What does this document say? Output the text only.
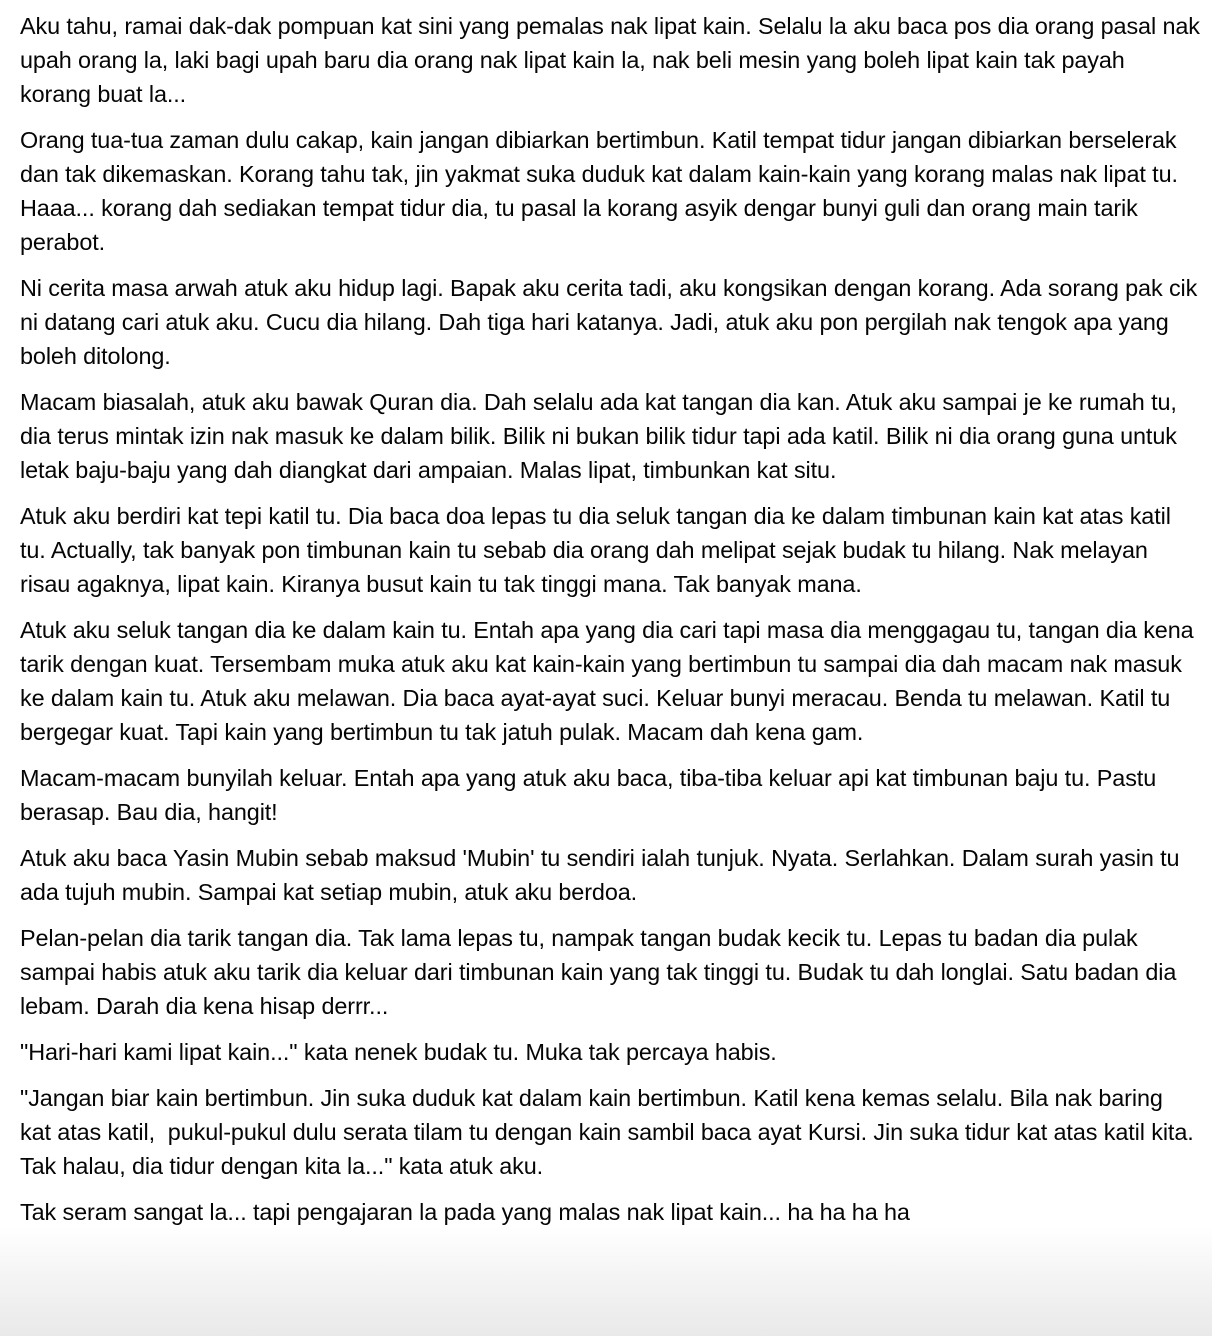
Aku tahu, ramai dak-dak pompuan kat sini yang pemalas nak lipat kain. Selalu la aku baca pos dia orang pasal nak upah orang la, laki bagi upah baru dia orang nak lipat kain la, nak beli mesin yang boleh lipat kain tak payah korang buat la...

Orang tua-tua zaman dulu cakap, kain jangan dibiarkan bertimbun. Katil tempat tidur jangan dibiarkan berselerak dan tak dikemaskan. Korang tahu tak, jin yakmat suka duduk kat dalam kain-kain yang korang malas nak lipat tu. Haaa... korang dah sediakan tempat tidur dia, tu pasal la korang asyik dengar bunyi guli dan orang main tarik perabot.

Ni cerita masa arwah atuk aku hidup lagi. Bapak aku cerita tadi, aku kongsikan dengan korang. Ada sorang pak cik ni datang cari atuk aku. Cucu dia hilang. Dah tiga hari katanya. Jadi, atuk aku pon pergilah nak tengok apa yang boleh ditolong.

Macam biasalah, atuk aku bawak Quran dia. Dah selalu ada kat tangan dia kan. Atuk aku sampai je ke rumah tu, dia terus mintak izin nak masuk ke dalam bilik. Bilik ni bukan bilik tidur tapi ada katil. Bilik ni dia orang guna untuk letak baju-baju yang dah diangkat dari ampaian. Malas lipat, timbunkan kat situ.

Atuk aku berdiri kat tepi katil tu. Dia baca doa lepas tu dia seluk tangan dia ke dalam timbunan kain kat atas katil tu. Actually, tak banyak pon timbunan kain tu sebab dia orang dah melipat sejak budak tu hilang. Nak melayan risau agaknya, lipat kain. Kiranya busut kain tu tak tinggi mana. Tak banyak mana.

Atuk aku seluk tangan dia ke dalam kain tu. Entah apa yang dia cari tapi masa dia menggagau tu, tangan dia kena tarik dengan kuat. Tersembam muka atuk aku kat kain-kain yang bertimbun tu sampai dia dah macam nak masuk ke dalam kain tu. Atuk aku melawan. Dia baca ayat-ayat suci. Keluar bunyi meracau. Benda tu melawan. Katil tu bergegar kuat. Tapi kain yang bertimbun tu tak jatuh pulak. Macam dah kena gam.

Macam-macam bunyilah keluar. Entah apa yang atuk aku baca, tiba-tiba keluar api kat timbunan baju tu. Pastu berasap. Bau dia, hangit!

Atuk aku baca Yasin Mubin sebab maksud 'Mubin' tu sendiri ialah tunjuk. Nyata. Serlahkan. Dalam surah yasin tu ada tujuh mubin. Sampai kat setiap mubin, atuk aku berdoa.

Pelan-pelan dia tarik tangan dia. Tak lama lepas tu, nampak tangan budak kecik tu. Lepas tu badan dia pulak sampai habis atuk aku tarik dia keluar dari timbunan kain yang tak tinggi tu. Budak tu dah longlai. Satu badan dia lebam. Darah dia kena hisap derrr...

"Hari-hari kami lipat kain..." kata nenek budak tu. Muka tak percaya habis.

"Jangan biar kain bertimbun. Jin suka duduk kat dalam kain bertimbun. Katil kena kemas selalu. Bila nak baring kat atas katil,  pukul-pukul dulu serata tilam tu dengan kain sambil baca ayat Kursi. Jin suka tidur kat atas katil kita. Tak halau, dia tidur dengan kita la..." kata atuk aku.

Tak seram sangat la... tapi pengajaran la pada yang malas nak lipat kain... ha ha ha ha
